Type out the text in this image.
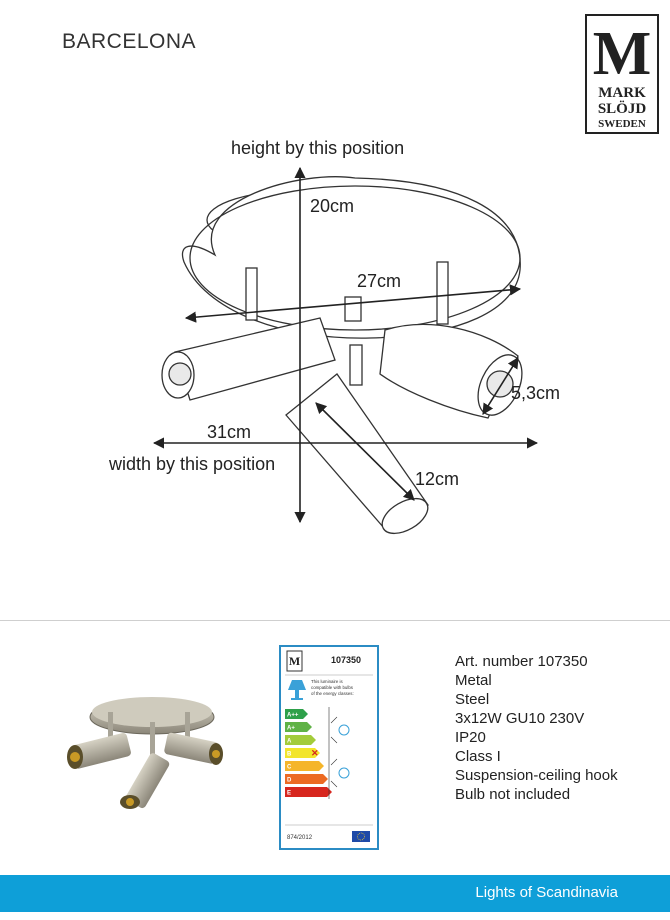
BARCELONA	M
MARK
SLÖJD
SWEDEN
height by this position
20cm
27cm
5,3cm
31cm
width by this position
12cm
M	107350
This luminaire is
compatible with bulbs
of the energy classes:
A++
A+
A
B
C
D
E
✕
874/2012
Art. number 107350
Metal
Steel
3x12W GU10 230V
IP20
Class I
Suspension-ceiling hook
Bulb not included
Lights of Scandinavia
